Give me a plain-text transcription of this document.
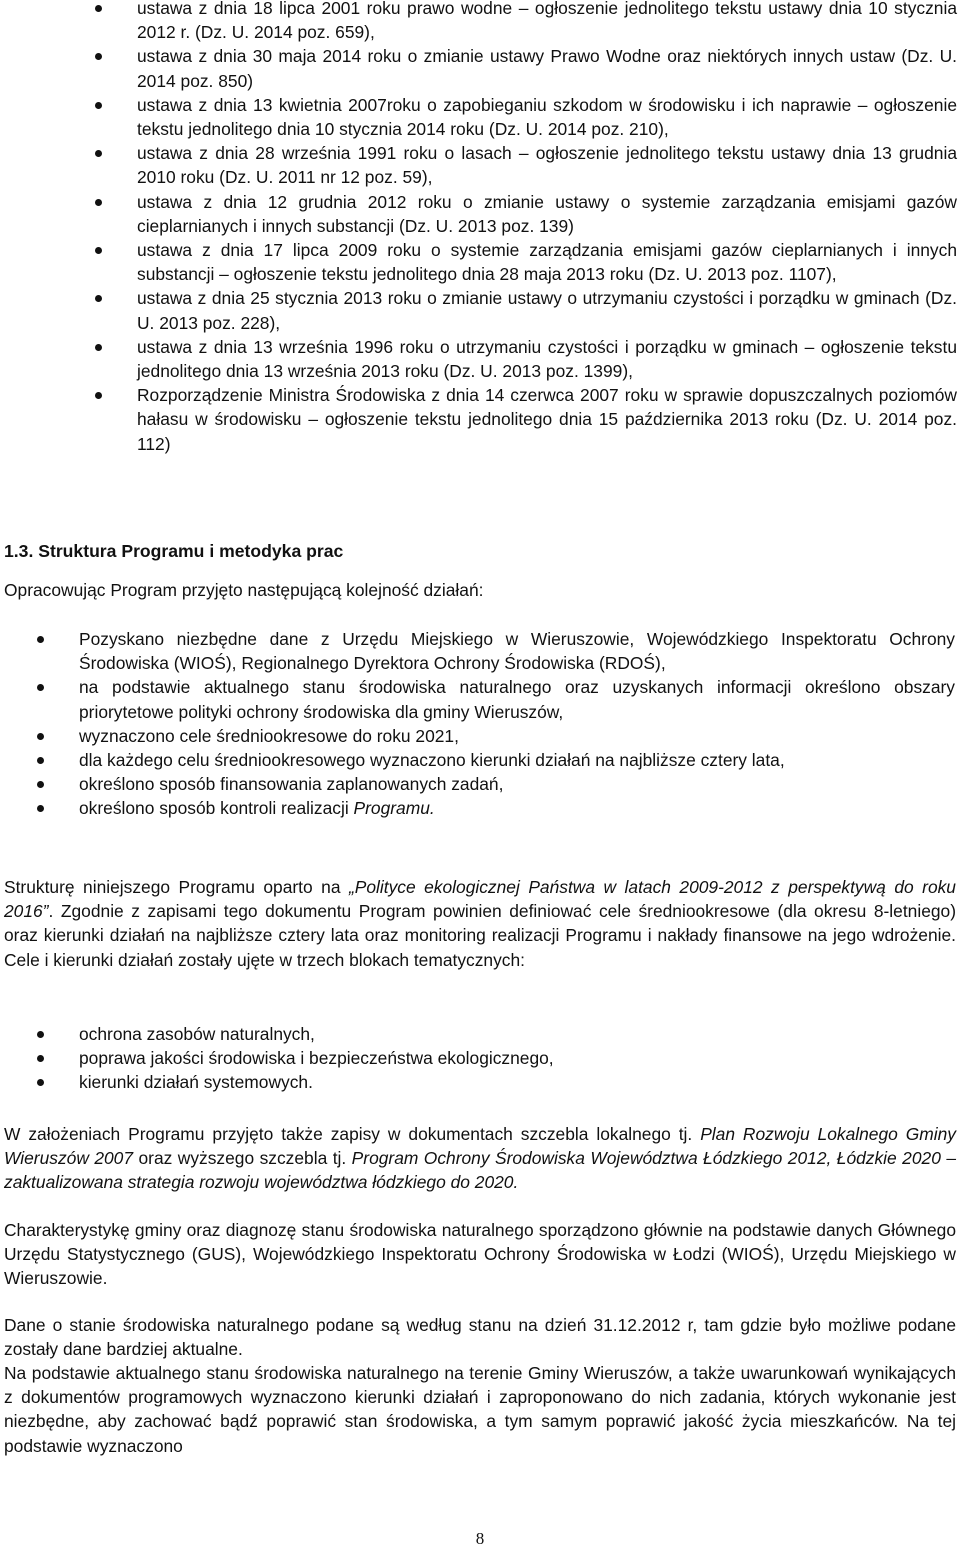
ustawa z dnia 18 lipca 2001 roku prawo wodne – ogłoszenie jednolitego tekstu ustawy dnia 10 stycznia 2012 r. (Dz. U. 2014 poz. 659),
ustawa z dnia 30 maja 2014 roku o zmianie ustawy Prawo Wodne oraz niektórych innych ustaw (Dz. U. 2014 poz. 850)
ustawa z dnia 13 kwietnia 2007roku o zapobieganiu szkodom w środowisku i ich naprawie – ogłoszenie tekstu jednolitego dnia 10 stycznia 2014 roku (Dz. U. 2014 poz. 210),
ustawa z dnia 28 września 1991 roku o lasach – ogłoszenie jednolitego tekstu ustawy dnia 13 grudnia 2010 roku (Dz. U. 2011 nr 12 poz. 59),
ustawa z dnia 12 grudnia 2012 roku o zmianie ustawy o systemie zarządzania emisjami gazów cieplarnianych i innych substancji (Dz. U. 2013 poz. 139)
ustawa z dnia 17 lipca 2009 roku o systemie zarządzania emisjami gazów cieplarnianych i innych substancji – ogłoszenie tekstu jednolitego dnia 28 maja 2013 roku (Dz. U. 2013 poz. 1107),
ustawa z dnia 25 stycznia 2013 roku o zmianie ustawy o utrzymaniu czystości i porządku w gminach (Dz. U. 2013 poz. 228),
ustawa z dnia 13 września 1996 roku o utrzymaniu czystości i porządku w gminach – ogłoszenie tekstu jednolitego dnia 13 września 2013 roku (Dz. U. 2013 poz. 1399),
Rozporządzenie Ministra Środowiska z dnia 14 czerwca 2007 roku w sprawie dopuszczalnych poziomów hałasu w środowisku – ogłoszenie tekstu jednolitego dnia 15 października 2013 roku (Dz. U. 2014 poz. 112)
1.3. Struktura Programu i metodyka prac

Opracowując Program przyjęto następującą kolejność działań:

Pozyskano niezbędne dane z Urzędu Miejskiego w Wieruszowie, Wojewódzkiego Inspektoratu Ochrony Środowiska (WIOŚ), Regionalnego Dyrektora Ochrony Środowiska (RDOŚ),
na podstawie aktualnego stanu środowiska naturalnego oraz uzyskanych informacji określono obszary priorytetowe polityki ochrony środowiska dla gminy Wieruszów,
wyznaczono cele średniookresowe do roku 2021,
dla każdego celu średniookresowego wyznaczono kierunki działań na najbliższe cztery lata,
określono sposób finansowania zaplanowanych zadań,
określono sposób kontroli realizacji Programu.

Strukturę niniejszego Programu oparto na „Polityce ekologicznej Państwa w latach 2009-2012 z perspektywą do roku 2016”. Zgodnie z zapisami tego dokumentu Program powinien definiować cele średniookresowe (dla okresu 8-letniego) oraz kierunki działań na najbliższe cztery lata oraz monitoring realizacji Programu i nakłady finansowe na jego wdrożenie. Cele i kierunki działań zostały ujęte w trzech blokach tematycznych:

ochrona zasobów naturalnych,
poprawa jakości środowiska i bezpieczeństwa ekologicznego,
kierunki działań systemowych.

W założeniach Programu przyjęto także zapisy w dokumentach szczebla lokalnego tj. Plan Rozwoju Lokalnego Gminy Wieruszów 2007 oraz wyższego szczebla tj. Program Ochrony Środowiska Województwa Łódzkiego 2012, Łódzkie 2020 – zaktualizowana strategia rozwoju województwa łódzkiego do 2020.

Charakterystykę gminy oraz diagnozę stanu środowiska naturalnego sporządzono głównie na podstawie danych Głównego Urzędu Statystycznego (GUS), Wojewódzkiego Inspektoratu Ochrony Środowiska w Łodzi (WIOŚ), Urzędu Miejskiego w Wieruszowie.

Dane o stanie środowiska naturalnego podane są według stanu na dzień 31.12.2012 r, tam gdzie było możliwe podane zostały dane bardziej aktualne.

Na podstawie aktualnego stanu środowiska naturalnego na terenie Gminy Wieruszów, a także uwarunkowań wynikających z dokumentów programowych wyznaczono kierunki działań i zaproponowano do nich zadania, których wykonanie jest niezbędne, aby zachować bądź poprawić stan środowiska, a tym samym poprawić jakość życia mieszkańców. Na tej podstawie wyznaczono

8
